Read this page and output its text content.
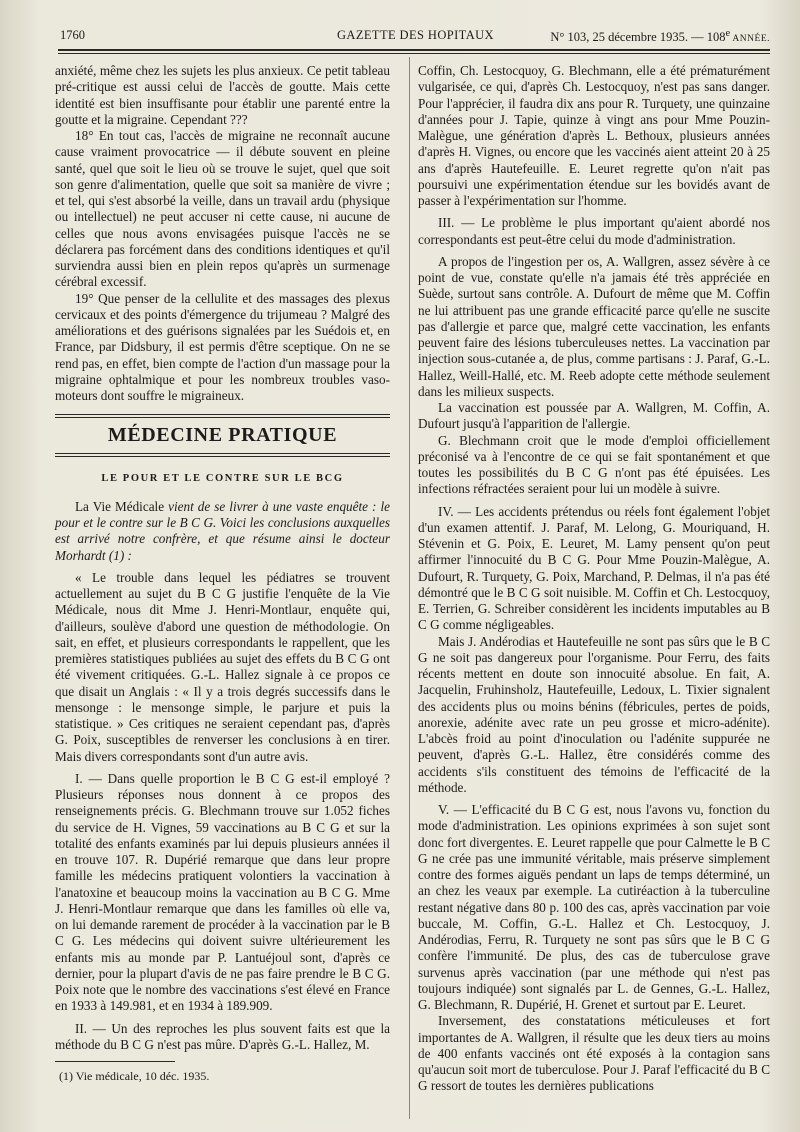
1760	GAZETTE DES HOPITAUX	N° 103, 25 décembre 1935. — 108e ANNÉE.

anxiété, même chez les sujets les plus anxieux. Ce petit tableau pré-critique est aussi celui de l'accès de goutte. Mais cette identité est bien insuffisante pour établir une parenté entre la goutte et la migraine. Cependant ???

18° En tout cas, l'accès de migraine ne reconnaît aucune cause vraiment provocatrice — il débute souvent en pleine santé, quel que soit le lieu où se trouve le sujet, quel que soit son genre d'alimentation, quelle que soit sa manière de vivre ; et tel, qui s'est absorbé la veille, dans un travail ardu (physique ou intellectuel) ne peut accuser ni cette cause, ni aucune de celles que nous avons envisagées puisque l'accès ne se déclarera pas forcément dans des conditions identiques et qu'il surviendra aussi bien en plein repos qu'après un surmenage cérébral excessif.

19° Que penser de la cellulite et des massages des plexus cervicaux et des points d'émergence du trijumeau ? Malgré des améliorations et des guérisons signalées par les Suédois et, en France, par Didsbury, il est permis d'être sceptique. On ne se rend pas, en effet, bien compte de l'action d'un massage pour la migraine ophtalmique et pour les nombreux troubles vaso-moteurs dont souffre le migraineux.

MÉDECINE PRATIQUE
LE POUR ET LE CONTRE SUR LE BCG

La Vie Médicale vient de se livrer à une vaste enquête : le pour et le contre sur le B C G. Voici les conclusions auxquelles est arrivé notre confrère, et que résume ainsi le docteur Morhardt (1) :

« Le trouble dans lequel les pédiatres se trouvent actuellement au sujet du B C G justifie l'enquête de la Vie Médicale, nous dit Mme J. Henri-Montlaur, enquête qui, d'ailleurs, soulève d'abord une question de méthodologie. On sait, en effet, et plusieurs correspondants le rappellent, que les premières statistiques publiées au sujet des effets du B C G ont été vivement critiquées. G.-L. Hallez signale à ce propos ce que disait un Anglais : « Il y a trois degrés successifs dans le mensonge : le mensonge simple, le parjure et puis la statistique. » Ces critiques ne seraient cependant pas, d'après G. Poix, susceptibles de renverser les conclusions à en tirer. Mais divers correspondants sont d'un autre avis.

I. — Dans quelle proportion le B C G est-il employé ? Plusieurs réponses nous donnent à ce propos des renseignements précis. G. Blechmann trouve sur 1.052 fiches du service de H. Vignes, 59 vaccinations au B C G et sur la totalité des enfants examinés par lui depuis plusieurs années il en trouve 107. R. Dupérié remarque que dans leur propre famille les médecins pratiquent volontiers la vaccination à l'anatoxine et beaucoup moins la vaccination au B C G. Mme J. Henri-Montlaur remarque que dans les familles où elle va, on lui demande rarement de procéder à la vaccination par le B C G. Les médecins qui doivent suivre ultérieurement les enfants mis au monde par P. Lantuéjoul sont, d'après ce dernier, pour la plupart d'avis de ne pas faire prendre le B C G. Poix note que le nombre des vaccinations s'est élevé en France en 1933 à 149.981, et en 1934 à 189.909.

II. — Un des reproches les plus souvent faits est que la méthode du B C G n'est pas mûre. D'après G.-L. Hallez, M.

(1) Vie médicale, 10 déc. 1935.

Coffin, Ch. Lestocquoy, G. Blechmann, elle a été prématurément vulgarisée, ce qui, d'après Ch. Lestocquoy, n'est pas sans danger. Pour l'apprécier, il faudra dix ans pour R. Turquety, une quinzaine d'années pour J. Tapie, quinze à vingt ans pour Mme Pouzin-Malègue, une génération d'après L. Bethoux, plusieurs années d'après H. Vignes, ou encore que les vaccinés aient atteint 20 à 25 ans d'après Hautefeuille. E. Leuret regrette qu'on n'ait pas poursuivi une expérimentation étendue sur les bovidés avant de passer à l'expérimentation sur l'homme.

III. — Le problème le plus important qu'aient abordé nos correspondants est peut-être celui du mode d'administration.

A propos de l'ingestion per os, A. Wallgren, assez sévère à ce point de vue, constate qu'elle n'a jamais été très appréciée en Suède, surtout sans contrôle. A. Dufourt de même que M. Coffin ne lui attribuent pas une grande efficacité parce qu'elle ne suscite pas d'allergie et parce que, malgré cette vaccination, les enfants peuvent faire des lésions tuberculeuses nettes. La vaccination par injection sous-cutanée a, de plus, comme partisans : J. Paraf, G.-L. Hallez, Weill-Hallé, etc. M. Reeb adopte cette méthode seulement dans les milieux suspects.

La vaccination est poussée par A. Wallgren, M. Coffin, A. Dufourt jusqu'à l'apparition de l'allergie.

G. Blechmann croit que le mode d'emploi officiellement préconisé va à l'encontre de ce qui se fait spontanément et que toutes les possibilités du B C G n'ont pas été épuisées. Les infections réfractées seraient pour lui un modèle à suivre.

IV. — Les accidents prétendus ou réels font également l'objet d'un examen attentif. J. Paraf, M. Lelong, G. Mouriquand, H. Stévenin et G. Poix, E. Leuret, M. Lamy pensent qu'on peut affirmer l'innocuité du B C G. Pour Mme Pouzin-Malègue, A. Dufourt, R. Turquety, G. Poix, Marchand, P. Delmas, il n'a pas été démontré que le B C G soit nuisible. M. Coffin et Ch. Lestocquoy, E. Terrien, G. Schreiber considèrent les incidents imputables au B C G comme négligeables.

Mais J. Andérodias et Hautefeuille ne sont pas sûrs que le B C G ne soit pas dangereux pour l'organisme. Pour Ferru, des faits récents mettent en doute son innocuité absolue. En fait, A. Jacquelin, Fruhinsholz, Hautefeuille, Ledoux, L. Tixier signalent des accidents plus ou moins bénins (fébricules, pertes de poids, anorexie, adénite avec rate un peu grosse et micro-adénite). L'abcès froid au point d'inoculation ou l'adénite suppurée ne peuvent, d'après G.-L. Hallez, être considérés comme des accidents s'ils constituent des témoins de l'efficacité de la méthode.

V. — L'efficacité du B C G est, nous l'avons vu, fonction du mode d'administration. Les opinions exprimées à son sujet sont donc fort divergentes. E. Leuret rappelle que pour Calmette le B C G ne crée pas une immunité véritable, mais préserve simplement contre des formes aiguës pendant un laps de temps déterminé, un an chez les veaux par exemple. La cutiréaction à la tuberculine restant négative dans 80 p. 100 des cas, après vaccination par voie buccale, M. Coffin, G.-L. Hallez et Ch. Lestocquoy, J. Andérodias, Ferru, R. Turquety ne sont pas sûrs que le B C G confère l'immunité. De plus, des cas de tuberculose grave survenus après vaccination (par une méthode qui n'est pas toujours indiquée) sont signalés par L. de Gennes, G.-L. Hallez, G. Blechmann, R. Dupérié, H. Grenet et surtout par E. Leuret.

Inversement, des constatations méticuleuses et fort importantes de A. Wallgren, il résulte que les deux tiers au moins de 400 enfants vaccinés ont été exposés à la contagion sans qu'aucun soit mort de tuberculose. Pour J. Paraf l'efficacité du B C G ressort de toutes les dernières publications
